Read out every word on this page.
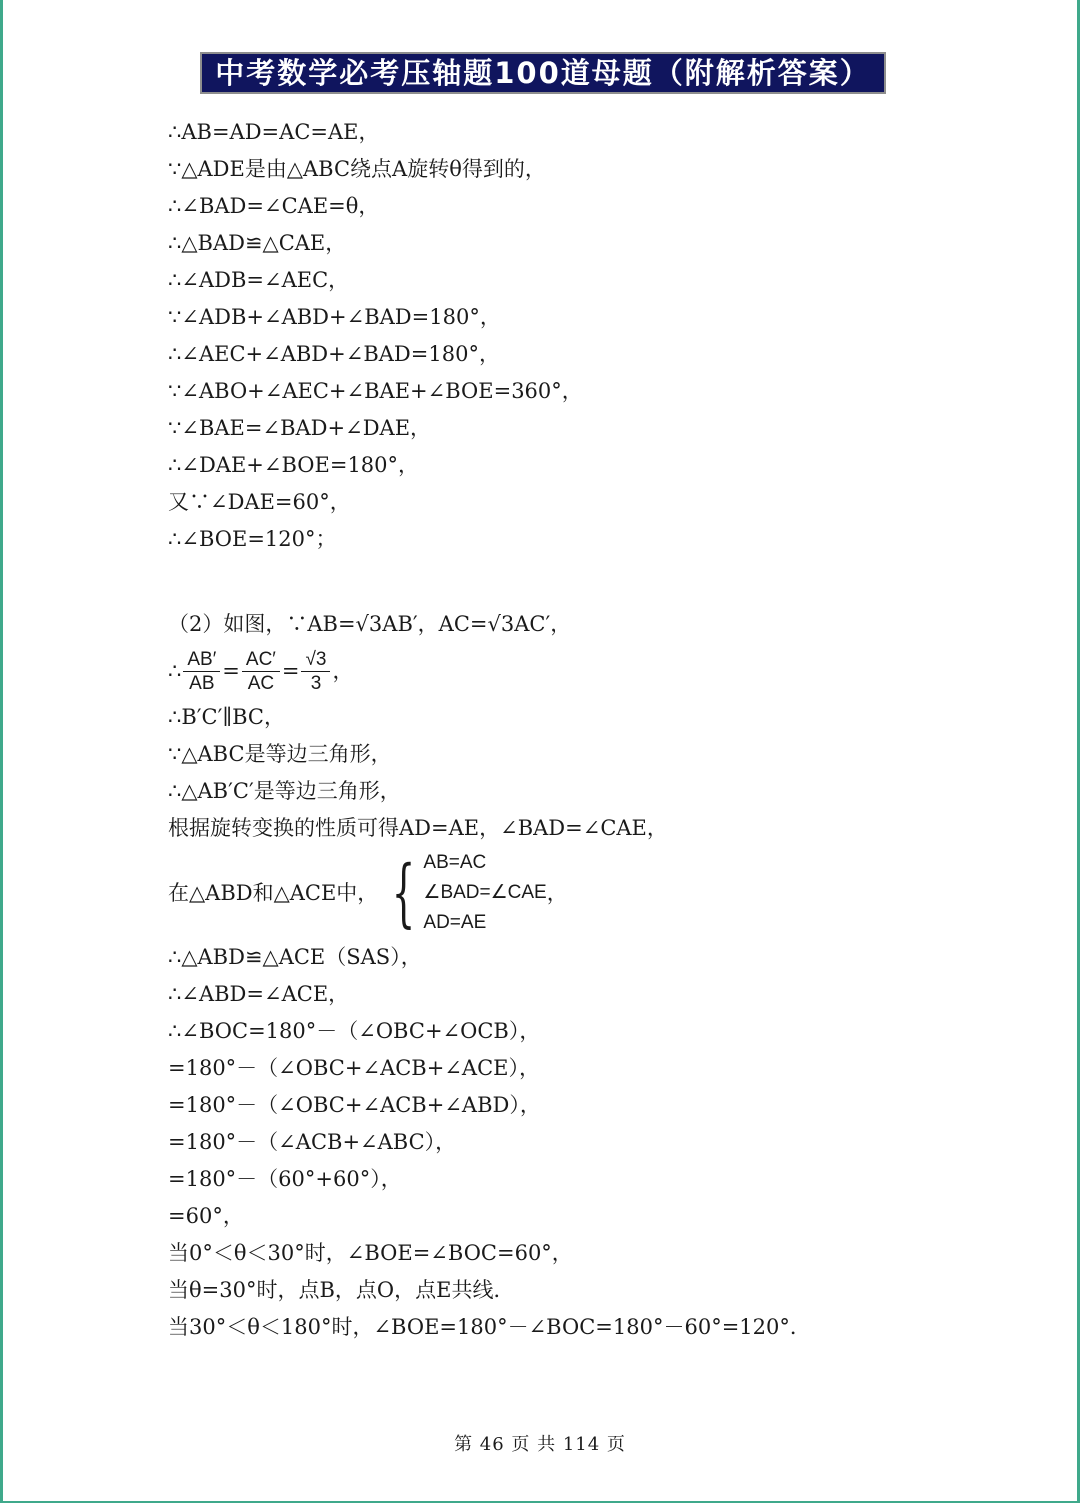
中考数学必考压轴题100道母题（附解析答案）
∴AB=AD=AC=AE，
∵△ADE是由△ABC绕点A旋转θ得到的，
∴∠BAD=∠CAE=θ，
∴△BAD≌△CAE，
∴∠ADB=∠AEC，
∵∠ADB+∠ABD+∠BAD=180°，
∴∠AEC+∠ABD+∠BAD=180°，
∵∠ABO+∠AEC+∠BAE+∠BOE=360°，
∵∠BAE=∠BAD+∠DAE，
∴∠DAE+∠BOE=180°，
又∵∠DAE=60°，
∴∠BOE=120°；
（2）如图，∵AB=√3AB′，AC=√3AC′，
∴ $\frac{AB'}{AB} = \frac{AC'}{AC} = \frac{√3}{3}$ ，
∴B′C′∥BC，
∵△ABC是等边三角形，
∴△AB′C′是等边三角形，
根据旋转变换的性质可得AD=AE，∠BAD=∠CAE，
在△ABD和△ACE中， { AB=AC
∠BAD=∠CAE
AD=AE
，
∴△ABD≌△ACE（SAS），
∴∠ABD=∠ACE，
∴∠BOC=180°－（∠OBC+∠OCB），
=180°－（∠OBC+∠ACB+∠ACE），
=180°－（∠OBC+∠ACB+∠ABD），
=180°－（∠ACB+∠ABC），
=180°－（60°+60°），
=60°，
当0°＜θ＜30°时，∠BOE=∠BOC=60°，
当θ=30°时，点B，点O，点E共线．
当30°＜θ＜180°时，∠BOE=180°－∠BOC=180°－60°=120°．
第 46 页 共 114 页
